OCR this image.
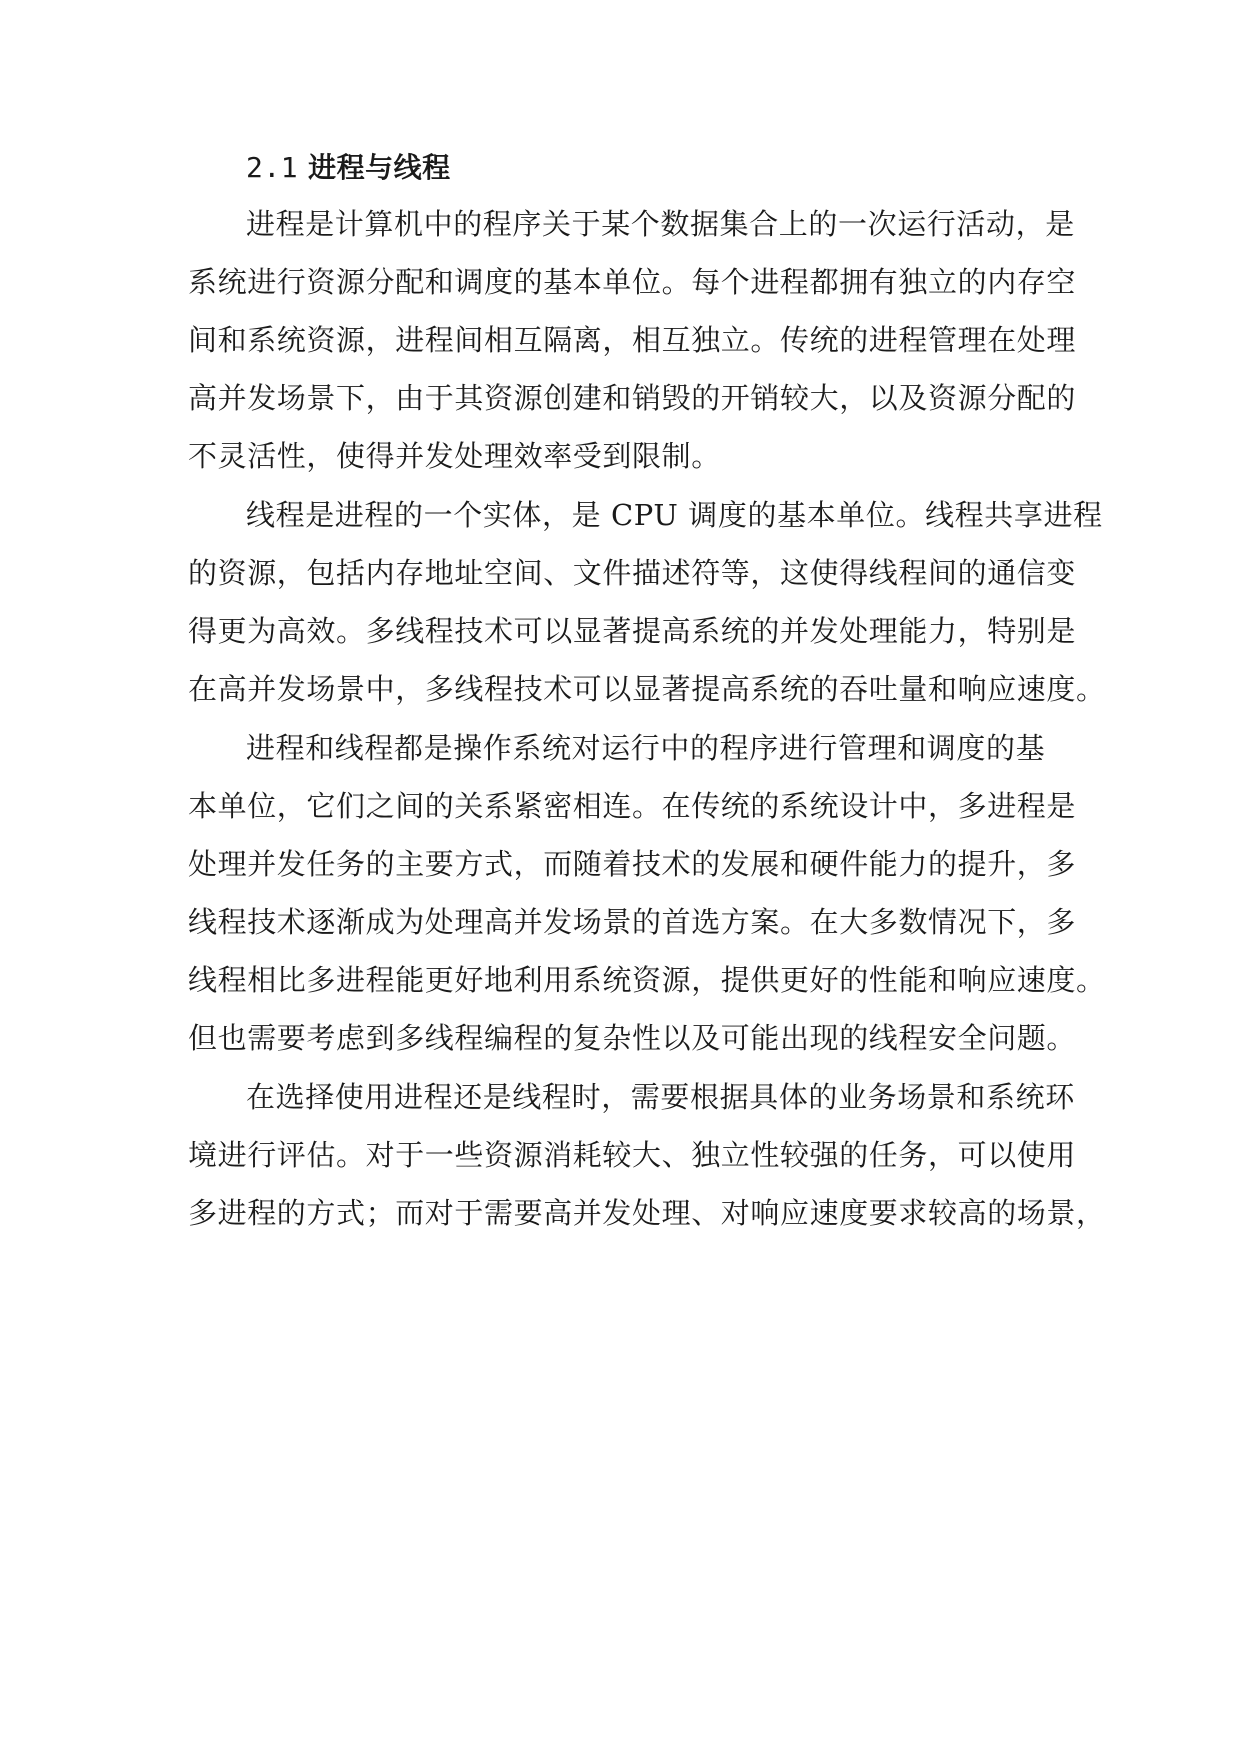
2.1 进程与线程
进程是计算机中的程序关于某个数据集合上的一次运行活动，是
系统进行资源分配和调度的基本单位。每个进程都拥有独立的内存空
间和系统资源，进程间相互隔离，相互独立。传统的进程管理在处理
高并发场景下，由于其资源创建和销毁的开销较大，以及资源分配的
不灵活性，使得并发处理效率受到限制。
线程是进程的一个实体，是 CPU 调度的基本单位。线程共享进程
的资源，包括内存地址空间、文件描述符等，这使得线程间的通信变
得更为高效。多线程技术可以显著提高系统的并发处理能力，特别是
在高并发场景中，多线程技术可以显著提高系统的吞吐量和响应速度。
进程和线程都是操作系统对运行中的程序进行管理和调度的基
本单位，它们之间的关系紧密相连。在传统的系统设计中，多进程是
处理并发任务的主要方式，而随着技术的发展和硬件能力的提升，多
线程技术逐渐成为处理高并发场景的首选方案。在大多数情况下，多
线程相比多进程能更好地利用系统资源，提供更好的性能和响应速度。
但也需要考虑到多线程编程的复杂性以及可能出现的线程安全问题。
在选择使用进程还是线程时，需要根据具体的业务场景和系统环
境进行评估。对于一些资源消耗较大、独立性较强的任务，可以使用
多进程的方式；而对于需要高并发处理、对响应速度要求较高的场景，
